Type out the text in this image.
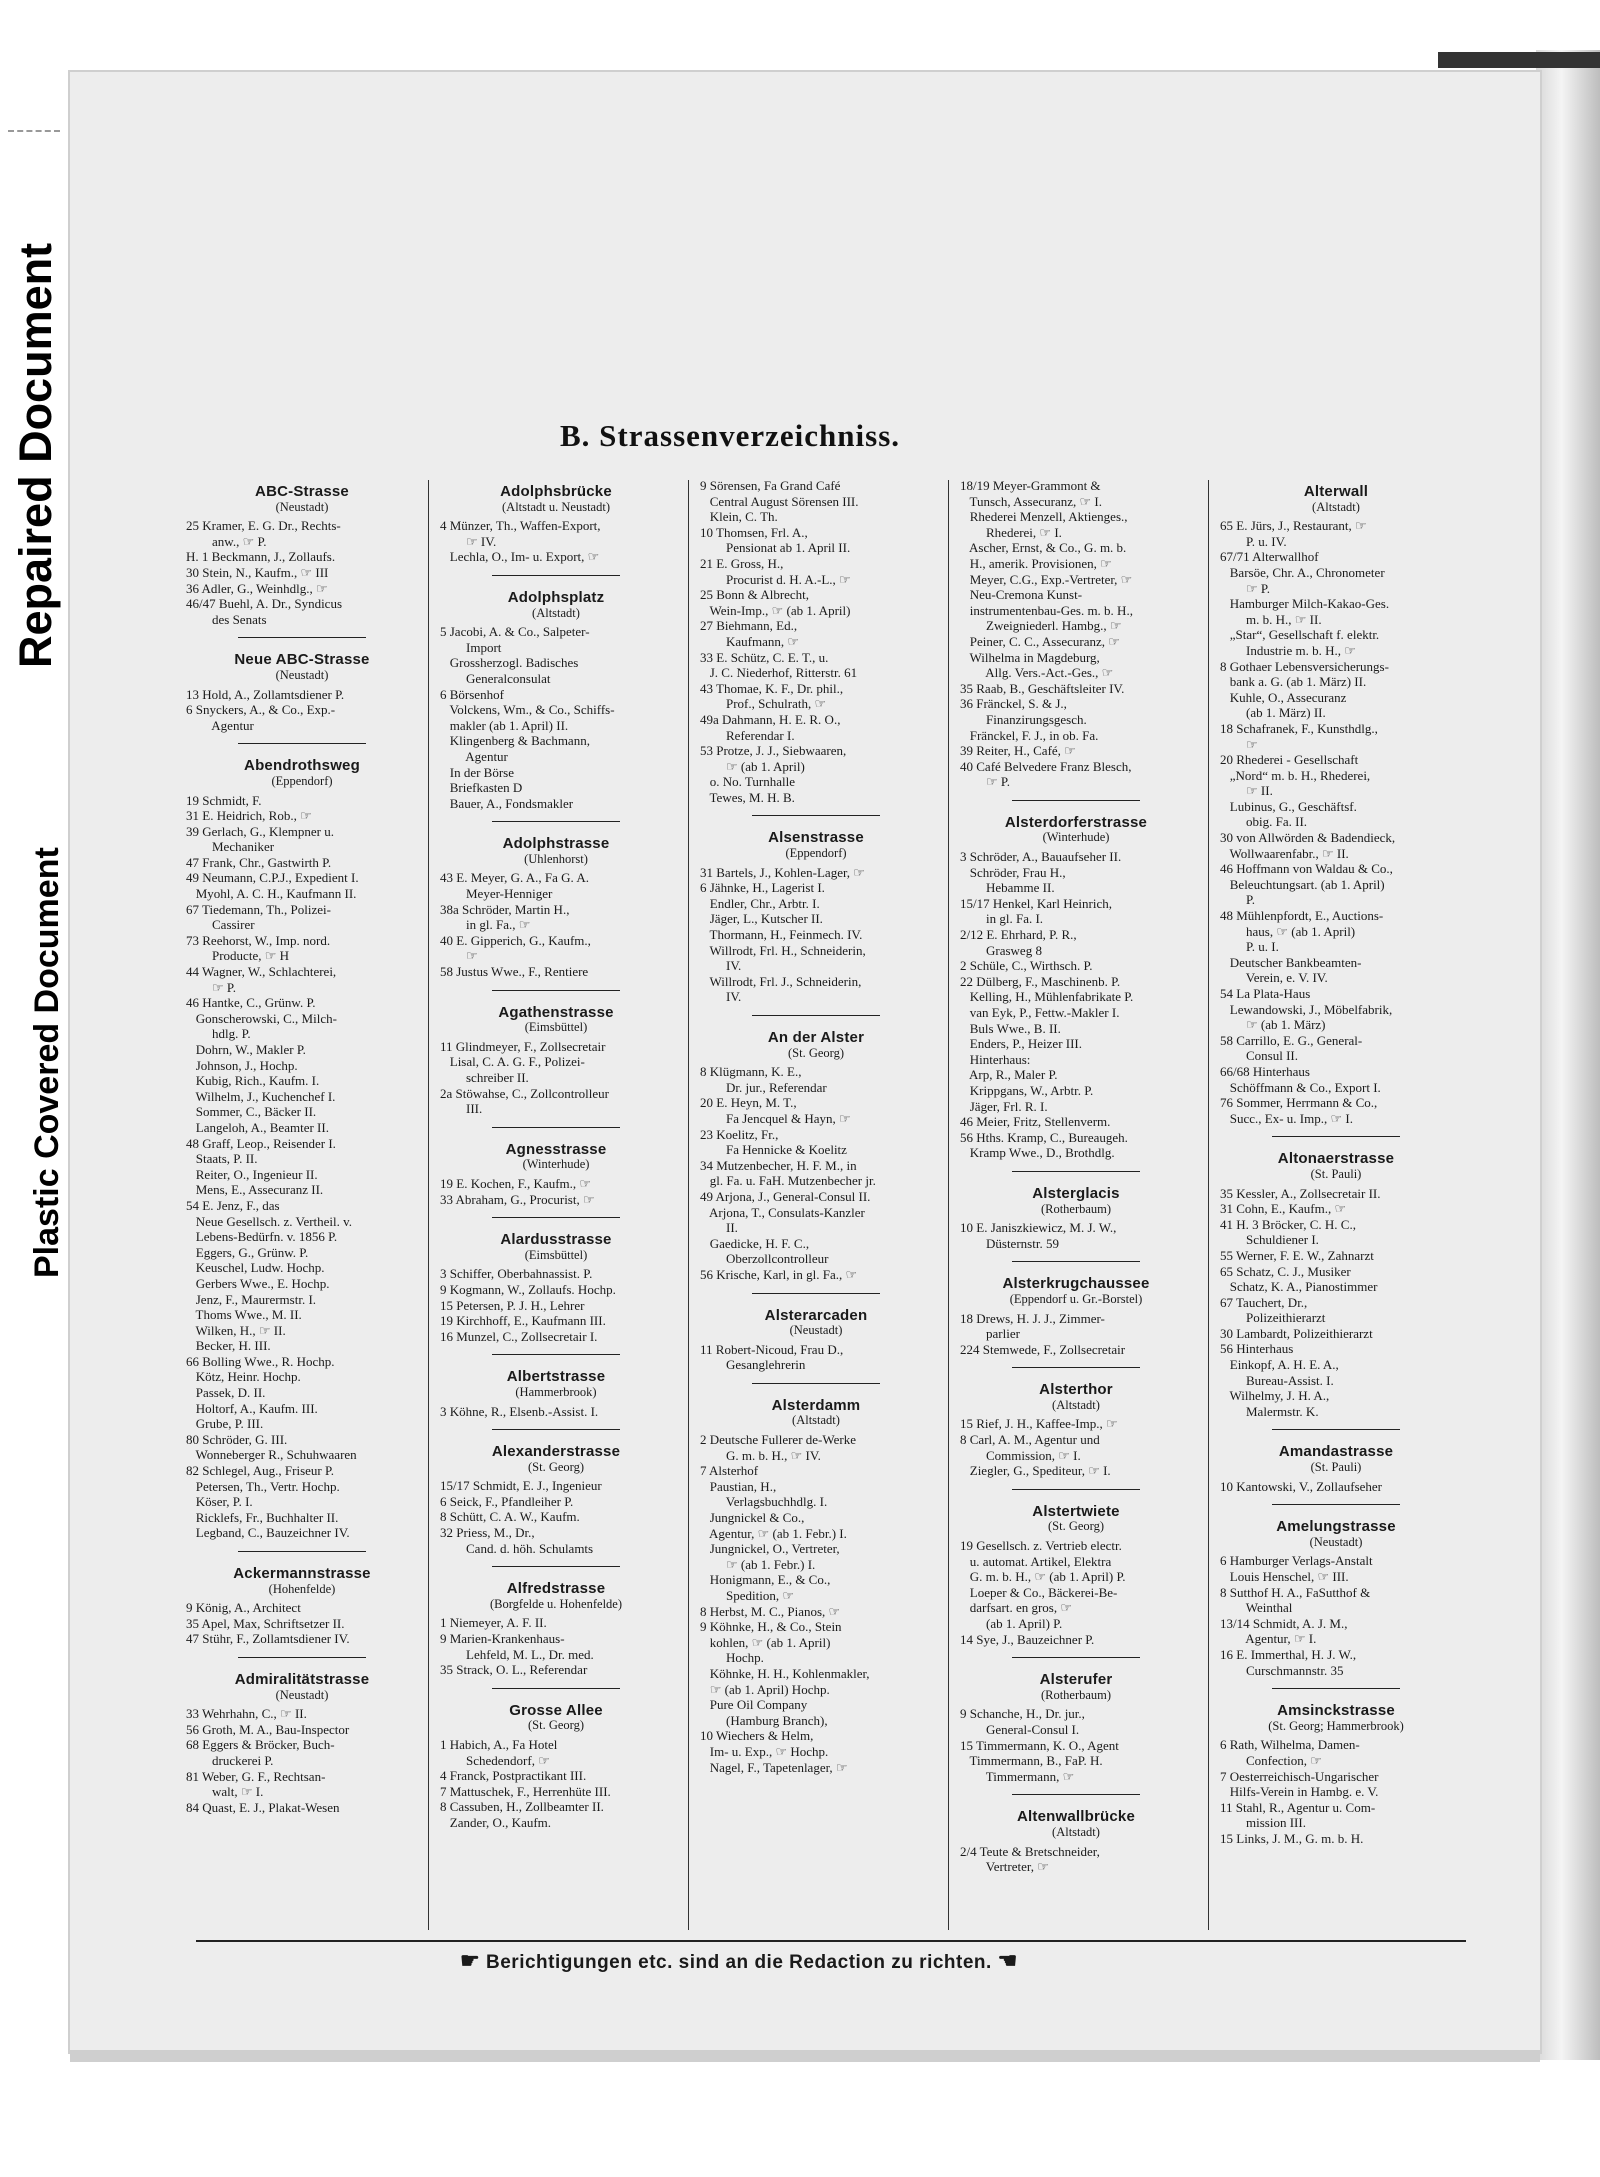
Repaired Document
Plastic Covered Document
B. Strassenverzeichniss.
ABC-Strasse
(Neustadt)
25 Kramer, E. G. Dr., Rechts-
anw., ☞ P.
H. 1 Beckmann, J., Zollaufs.
30 Stein, N., Kaufm., ☞ III
36 Adler, G., Weinhdlg., ☞
46/47 Buehl, A. Dr., Syndicus
des Senats
Neue ABC-Strasse
(Neustadt)
13 Hold, A., Zollamtsdiener P.
6 Snyckers, A., & Co., Exp.-
Agentur
Abendrothsweg
(Eppendorf)
19 Schmidt, F.
31 E. Heidrich, Rob., ☞
39 Gerlach, G., Klempner u.
Mechaniker
47 Frank, Chr., Gastwirth P.
49 Neumann, C.P.J., Expedient I.
Myohl, A. C. H., Kaufmann II.
67 Tiedemann, Th., Polizei-
Cassirer
73 Reehorst, W., Imp. nord.
Producte, ☞ H
44 Wagner, W., Schlachterei,
☞ P.
46 Hantke, C., Grünw. P.
Gonscherowski, C., Milch-
hdlg. P.
Dohrn, W., Makler P.
Johnson, J., Hochp.
Kubig, Rich., Kaufm. I.
Wilhelm, J., Kuchenchef I.
Sommer, C., Bäcker II.
Langeloh, A., Beamter II.
48 Graff, Leop., Reisender I.
Staats, P. II.
Reiter, O., Ingenieur II.
Mens, E., Assecuranz II.
54 E. Jenz, F., das
Neue Gesellsch. z. Vertheil. v.
Lebens-Bedürfn. v. 1856 P.
Eggers, G., Grünw. P.
Keuschel, Ludw. Hochp.
Gerbers Wwe., E. Hochp.
Jenz, F., Maurermstr. I.
Thoms Wwe., M. II.
Wilken, H., ☞ II.
Becker, H. III.
66 Bolling Wwe., R. Hochp.
Kötz, Heinr. Hochp.
Passek, D. II.
Holtorf, A., Kaufm. III.
Grube, P. III.
80 Schröder, G. III.
Wonneberger R., Schuhwaaren
82 Schlegel, Aug., Friseur P.
Petersen, Th., Vertr. Hochp.
Köser, P. I.
Ricklefs, Fr., Buchhalter II.
Legband, C., Bauzeichner IV.
Ackermannstrasse
(Hohenfelde)
9 König, A., Architect
35 Apel, Max, Schriftsetzer II.
47 Stühr, F., Zollamtsdiener IV.
Admiralitätstrasse
(Neustadt)
33 Wehrhahn, C., ☞ II.
56 Groth, M. A., Bau-Inspector
68 Eggers & Bröcker, Buch-
druckerei P.
81 Weber, G. F., Rechtsan-
walt, ☞ I.
84 Quast, E. J., Plakat-Wesen
Adolphsbrücke
(Altstadt u. Neustadt)
4 Münzer, Th., Waffen-Export,
☞ IV.
Lechla, O., Im- u. Export, ☞
Adolphsplatz
(Altstadt)
5 Jacobi, A. & Co., Salpeter-
Import
Grossherzogl. Badisches
Generalconsulat
6 Börsenhof
Volckens, Wm., & Co., Schiffs-
makler (ab 1. April) II.
Klingenberg & Bachmann,
Agentur
In der Börse
Briefkasten D
Bauer, A., Fondsmakler
Adolphstrasse
(Uhlenhorst)
43 E. Meyer, G. A., Fa G. A.
Meyer-Henniger
38a Schröder, Martin H.,
in gl. Fa., ☞
40 E. Gipperich, G., Kaufm.,
☞
58 Justus Wwe., F., Rentiere
Agathenstrasse
(Eimsbüttel)
11 Glindmeyer, F., Zollsecretair
Lisal, C. A. G. F., Polizei-
schreiber II.
2a Stöwahse, C., Zollcontrolleur
III.
Agnesstrasse
(Winterhude)
19 E. Kochen, F., Kaufm., ☞
33 Abraham, G., Procurist, ☞
Alardusstrasse
(Eimsbüttel)
3 Schiffer, Oberbahnassist. P.
9 Kogmann, W., Zollaufs. Hochp.
15 Petersen, P. J. H., Lehrer
19 Kirchhoff, E., Kaufmann III.
16 Munzel, C., Zollsecretair I.
Albertstrasse
(Hammerbrook)
3 Köhne, R., Elsenb.-Assist. I.
Alexanderstrasse
(St. Georg)
15/17 Schmidt, E. J., Ingenieur
6 Seick, F., Pfandleiher P.
8 Schütt, C. A. W., Kaufm.
32 Priess, M., Dr.,
Cand. d. höh. Schulamts
Alfredstrasse
(Borgfelde u. Hohenfelde)
1 Niemeyer, A. F. II.
9 Marien-Krankenhaus-
Lehfeld, M. L., Dr. med.
35 Strack, O. L., Referendar
Grosse Allee
(St. Georg)
1 Habich, A., Fa Hotel
Schedendorf, ☞
4 Franck, Postpractikant III.
7 Mattuschek, F., Herrenhüte III.
8 Cassuben, H., Zollbeamter II.
Zander, O., Kaufm.
9 Sörensen, Fa Grand Café
Central August Sörensen III.
Klein, C. Th.
10 Thomsen, Frl. A.,
Pensionat ab 1. April II.
21 E. Gross, H.,
Procurist d. H. A.-L., ☞
25 Bonn & Albrecht,
Wein-Imp., ☞ (ab 1. April)
27 Biehmann, Ed.,
Kaufmann, ☞
33 E. Schütz, C. E. T., u.
J. C. Niederhof, Ritterstr. 61
43 Thomae, K. F., Dr. phil.,
Prof., Schulrath, ☞
49a Dahmann, H. E. R. O.,
Referendar I.
53 Protze, J. J., Siebwaaren,
☞ (ab 1. April)
o. No. Turnhalle
Tewes, M. H. B.
Alsenstrasse
(Eppendorf)
31 Bartels, J., Kohlen-Lager, ☞
6 Jähnke, H., Lagerist I.
Endler, Chr., Arbtr. I.
Jäger, L., Kutscher II.
Thormann, H., Feinmech. IV.
Willrodt, Frl. H., Schneiderin,
IV.
Willrodt, Frl. J., Schneiderin,
IV.
An der Alster
(St. Georg)
8 Klügmann, K. E.,
Dr. jur., Referendar
20 E. Heyn, M. T.,
Fa Jencquel & Hayn, ☞
23 Koelitz, Fr.,
Fa Hennicke & Koelitz
34 Mutzenbecher, H. F. M., in
gl. Fa. u. FaH. Mutzenbecher jr.
49 Arjona, J., General-Consul II.
Arjona, T., Consulats-Kanzler
II.
Gaedicke, H. F. C.,
Oberzollcontrolleur
56 Krische, Karl, in gl. Fa., ☞
Alsterarcaden
(Neustadt)
11 Robert-Nicoud, Frau D.,
Gesanglehrerin
Alsterdamm
(Altstadt)
2 Deutsche Fullerer de-Werke
G. m. b. H., ☞ IV.
7 Alsterhof
Paustian, H.,
Verlagsbuchhdlg. I.
Jungnickel & Co.,
Agentur, ☞ (ab 1. Febr.) I.
Jungnickel, O., Vertreter,
☞ (ab 1. Febr.) I.
Honigmann, E., & Co.,
Spedition, ☞
8 Herbst, M. C., Pianos, ☞
9 Köhnke, H., & Co., Stein
kohlen, ☞ (ab 1. April)
Hochp.
Köhnke, H. H., Kohlenmakler,
☞ (ab 1. April) Hochp.
Pure Oil Company
(Hamburg Branch),
10 Wiechers & Helm,
Im- u. Exp., ☞ Hochp.
Nagel, F., Tapetenlager, ☞
18/19 Meyer-Grammont &
Tunsch, Assecuranz, ☞ I.
Rhederei Menzell, Aktienges.,
Rhederei, ☞ I.
Ascher, Ernst, & Co., G. m. b.
H., amerik. Provisionen, ☞
Meyer, C.G., Exp.-Vertreter, ☞
Neu-Cremona Kunst-
instrumentenbau-Ges. m. b. H.,
Zweigniederl. Hambg., ☞
Peiner, C. C., Assecuranz, ☞
Wilhelma in Magdeburg,
Allg. Vers.-Act.-Ges., ☞
35 Raab, B., Geschäftsleiter IV.
36 Fränckel, S. & J.,
Finanzirungsgesch.
Fränckel, F. J., in ob. Fa.
39 Reiter, H., Café, ☞
40 Café Belvedere Franz Blesch,
☞ P.
Alsterdorferstrasse
(Winterhude)
3 Schröder, A., Bauaufseher II.
Schröder, Frau H.,
Hebamme II.
15/17 Henkel, Karl Heinrich,
in gl. Fa. I.
2/12 E. Ehrhard, P. R.,
Grasweg 8
2 Schüle, C., Wirthsch. P.
22 Dülberg, F., Maschinenb. P.
Kelling, H., Mühlenfabrikate P.
van Eyk, P., Fettw.-Makler I.
Buls Wwe., B. II.
Enders, P., Heizer III.
Hinterhaus:
Arp, R., Maler P.
Krippgans, W., Arbtr. P.
Jäger, Frl. R. I.
46 Meier, Fritz, Stellenverm.
56 Hths. Kramp, C., Bureaugeh.
Kramp Wwe., D., Brothdlg.
Alsterglacis
(Rotherbaum)
10 E. Janiszkiewicz, M. J. W.,
Düsternstr. 59
Alsterkrugchaussee
(Eppendorf u. Gr.-Borstel)
18 Drews, H. J. J., Zimmer-
parlier
224 Stemwede, F., Zollsecretair
Alsterthor
(Altstadt)
15 Rief, J. H., Kaffee-Imp., ☞
8 Carl, A. M., Agentur und
Commission, ☞ I.
Ziegler, G., Spediteur, ☞ I.
Alstertwiete
(St. Georg)
19 Gesellsch. z. Vertrieb electr.
u. automat. Artikel, Elektra
G. m. b. H., ☞ (ab 1. April) P.
Loeper & Co., Bäckerei-Be-
darfsart. en gros, ☞
(ab 1. April) P.
14 Sye, J., Bauzeichner P.
Alsterufer
(Rotherbaum)
9 Schanche, H., Dr. jur.,
General-Consul I.
15 Timmermann, K. O., Agent
Timmermann, B., FaP. H.
Timmermann, ☞
Altenwallbrücke
(Altstadt)
2/4 Teute & Bretschneider,
Vertreter, ☞
Alterwall
(Altstadt)
65 E. Jürs, J., Restaurant, ☞
P. u. IV.
67/71 Alterwallhof
Barsöe, Chr. A., Chronometer
☞ P.
Hamburger Milch-Kakao-Ges.
m. b. H., ☞ II.
„Star“, Gesellschaft f. elektr.
Industrie m. b. H., ☞
8 Gothaer Lebensversicherungs-
bank a. G. (ab 1. März) II.
Kuhle, O., Assecuranz
(ab 1. März) II.
18 Schafranek, F., Kunsthdlg.,
☞
20 Rhederei - Gesellschaft
„Nord“ m. b. H., Rhederei,
☞ II.
Lubinus, G., Geschäftsf.
obig. Fa. II.
30 von Allwörden & Badendieck,
Wollwaarenfabr., ☞ II.
46 Hoffmann von Waldau & Co.,
Beleuchtungsart. (ab 1. April)
P.
48 Mühlenpfordt, E., Auctions-
haus, ☞ (ab 1. April)
P. u. I.
Deutscher Bankbeamten-
Verein, e. V. IV.
54 La Plata-Haus
Lewandowski, J., Möbelfabrik,
☞ (ab 1. März)
58 Carrillo, E. G., General-
Consul II.
66/68 Hinterhaus
Schöffmann & Co., Export I.
76 Sommer, Herrmann & Co.,
Succ., Ex- u. Imp., ☞ I.
Altonaerstrasse
(St. Pauli)
35 Kessler, A., Zollsecretair II.
31 Cohn, E., Kaufm., ☞
41 H. 3 Bröcker, C. H. C.,
Schuldiener I.
55 Werner, F. E. W., Zahnarzt
65 Schatz, C. J., Musiker
Schatz, K. A., Pianostimmer
67 Tauchert, Dr.,
Polizeithierarzt
30 Lambardt, Polizeithierarzt
56 Hinterhaus
Einkopf, A. H. E. A.,
Bureau-Assist. I.
Wilhelmy, J. H. A.,
Malermstr. K.
Amandastrasse
(St. Pauli)
10 Kantowski, V., Zollaufseher
Amelungstrasse
(Neustadt)
6 Hamburger Verlags-Anstalt
Louis Henschel, ☞ III.
8 Sutthof H. A., FaSutthof &
Weinthal
13/14 Schmidt, A. J. M.,
Agentur, ☞ I.
16 E. Immerthal, H. J. W.,
Curschmannstr. 35
Amsinckstrasse
(St. Georg; Hammerbrook)
6 Rath, Wilhelma, Damen-
Confection, ☞
7 Oesterreichisch-Ungarischer
Hilfs-Verein in Hambg. e. V.
11 Stahl, R., Agentur u. Com-
mission III.
15 Links, J. M., G. m. b. H.
☛ Berichtigungen etc. sind an die Redaction zu richten. ☚
